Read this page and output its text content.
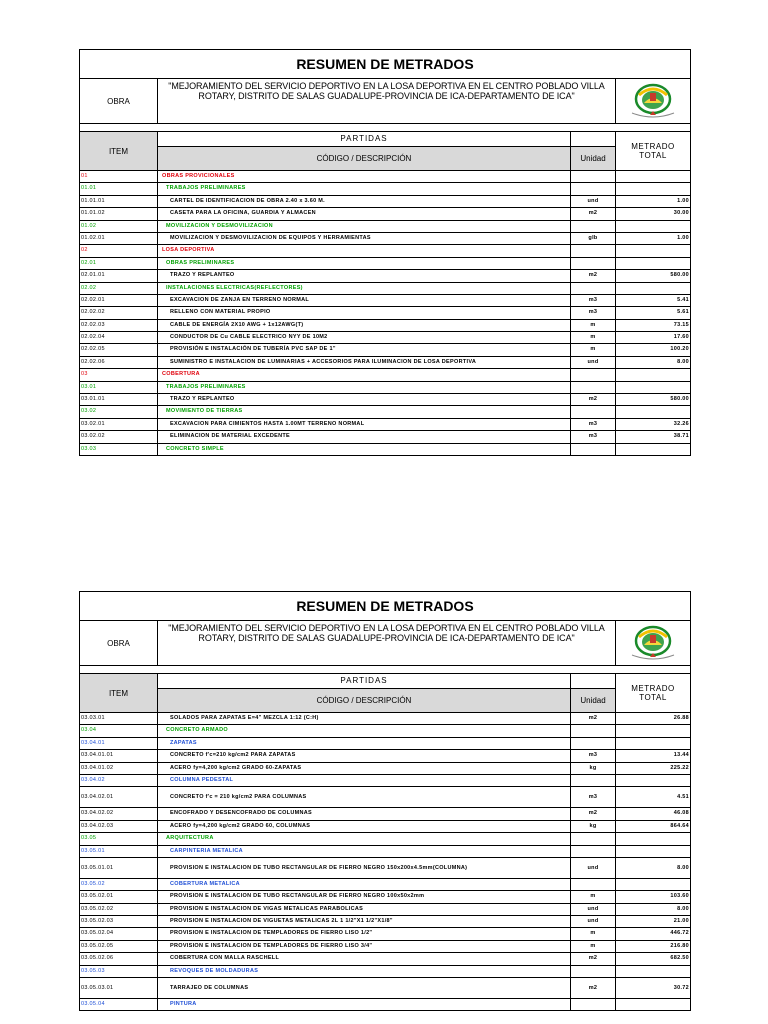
RESUMEN DE METRADOS
OBRA
"MEJORAMIENTO DEL SERVICIO DEPORTIVO EN LA LOSA DEPORTIVA EN EL CENTRO POBLADO VILLA ROTARY, DISTRITO DE SALAS GUADALUPE-PROVINCIA DE ICA-DEPARTAMENTO DE ICA"
ITEM
PARTIDAS
CÓDIGO / DESCRIPCIÓN	Unidad
METRADO
TOTAL
01	OBRAS PROVICIONALES
01.01	TRABAJOS PRELIMINARES
01.01.01	CARTEL DE IDENTIFICACION DE OBRA 2.40 x 3.60 M.	und	1.00
01.01.02	CASETA PARA LA OFICINA, GUARDIA Y ALMACEN	m2	30.00
01.02	MOVILIZACION Y DESMOVILIZACION
01.02.01	MOVILIZACION Y DESMOVILIZACION DE EQUIPOS Y HERRAMIENTAS	glb	1.00
02	LOSA DEPORTIVA
02.01	OBRAS PRELIMINARES
02.01.01	TRAZO Y REPLANTEO	m2	580.00
02.02	INSTALACIONES ELECTRICAS(REFLECTORES)
02.02.01	EXCAVACION DE ZANJA EN TERRENO NORMAL	m3	5.41
02.02.02	RELLENO CON MATERIAL PROPIO	m3	5.61
02.02.03	CABLE DE ENERGÍA 2X10 AWG + 1x12AWG(T)	m	73.15
02.02.04	CONDUCTOR DE Cu CABLE ELECTRICO NYY DE 10M2	m	17.60
02.02.05	PROVISIÓN E INSTALACIÓN DE TUBERÍA PVC SAP DE 1"	m	100.20
02.02.06	SUMINISTRO E INSTALACION DE LUMINARIAS + ACCESORIOS PARA ILUMINACION DE LOSA DEPORTIVA	und	8.00
03	COBERTURA
03.01	TRABAJOS PRELIMINARES
03.01.01	TRAZO Y REPLANTEO	m2	580.00
03.02	MOVIMIENTO DE TIERRAS
03.02.01	EXCAVACION PARA CIMIENTOS HASTA 1.00MT TERRENO NORMAL	m3	32.26
03.02.02	ELIMINACION DE MATERIAL EXCEDENTE	m3	38.71
03.03	CONCRETO SIMPLE
RESUMEN DE METRADOS
OBRA
"MEJORAMIENTO DEL SERVICIO DEPORTIVO EN LA LOSA DEPORTIVA EN EL CENTRO POBLADO VILLA ROTARY, DISTRITO DE SALAS GUADALUPE-PROVINCIA DE ICA-DEPARTAMENTO DE ICA"
ITEM
PARTIDAS
CÓDIGO / DESCRIPCIÓN	Unidad
METRADO
TOTAL
03.03.01	SOLADOS PARA ZAPATAS E=4" MEZCLA 1:12 (C:H)	m2	26.88
03.04	CONCRETO ARMADO
03.04.01	ZAPATAS
03.04.01.01	CONCRETO f'c=210 kg/cm2 PARA ZAPATAS	m3	13.44
03.04.01.02	ACERO fy=4,200 kg/cm2 GRADO 60-ZAPATAS	kg	225.22
03.04.02	COLUMNA PEDESTAL
03.04.02.01	CONCRETO f'c = 210 kg/cm2 PARA COLUMNAS	m3	4.51
03.04.02.02	ENCOFRADO Y DESENCOFRADO DE COLUMNAS	m2	46.08
03.04.02.03	ACERO fy=4,200 kg/cm2 GRADO 60, COLUMNAS	kg	864.64
03.05	ARQUITECTURA
03.05.01	CARPINTERIA METALICA
03.05.01.01	PROVISION E INSTALACION DE TUBO RECTANGULAR DE FIERRO NEGRO 150x200x4.5mm(COLUMNA)	und	8.00
03.05.02	COBERTURA METALICA
03.05.02.01	PROVISION E INSTALACION DE TUBO RECTANGULAR DE FIERRO NEGRO 100x50x2mm	m	103.60
03.05.02.02	PROVISION E INSTALACION DE VIGAS METALICAS PARABOLICAS	und	8.00
03.05.02.03	PROVISION E INSTALACION DE VIGUETAS METALICAS 2L 1 1/2"X1 1/2"X1/8"	und	21.00
03.05.02.04	PROVISION E INSTALACION DE TEMPLADORES DE FIERRO LISO 1/2"	m	446.72
03.05.02.05	PROVISION E INSTALACION DE TEMPLADORES DE FIERRO LISO 3/4"	m	216.80
03.05.02.06	COBERTURA CON MALLA RASCHELL	m2	682.50
03.05.03	REVOQUES DE MOLDADURAS
03.05.03.01	TARRAJEO DE COLUMNAS	m2	30.72
03.05.04	PINTURA
